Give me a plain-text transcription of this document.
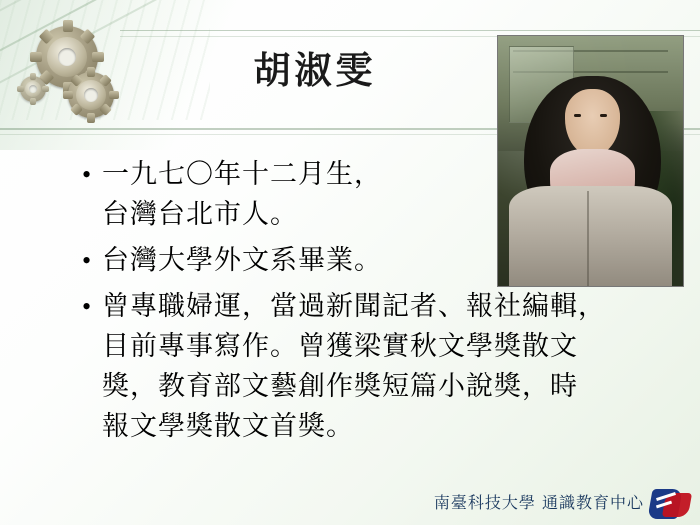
胡淑雯
• 一九七〇年十二月生，
台灣台北市人。
• 台灣大學外文系畢業。
• 曾專職婦運，當過新聞記者、報社編輯，
目前專事寫作。曾獲梁實秋文學獎散文
獎，教育部文藝創作獎短篇小說獎，時
報文學獎散文首獎。
南臺科技大學 通識教育中心
